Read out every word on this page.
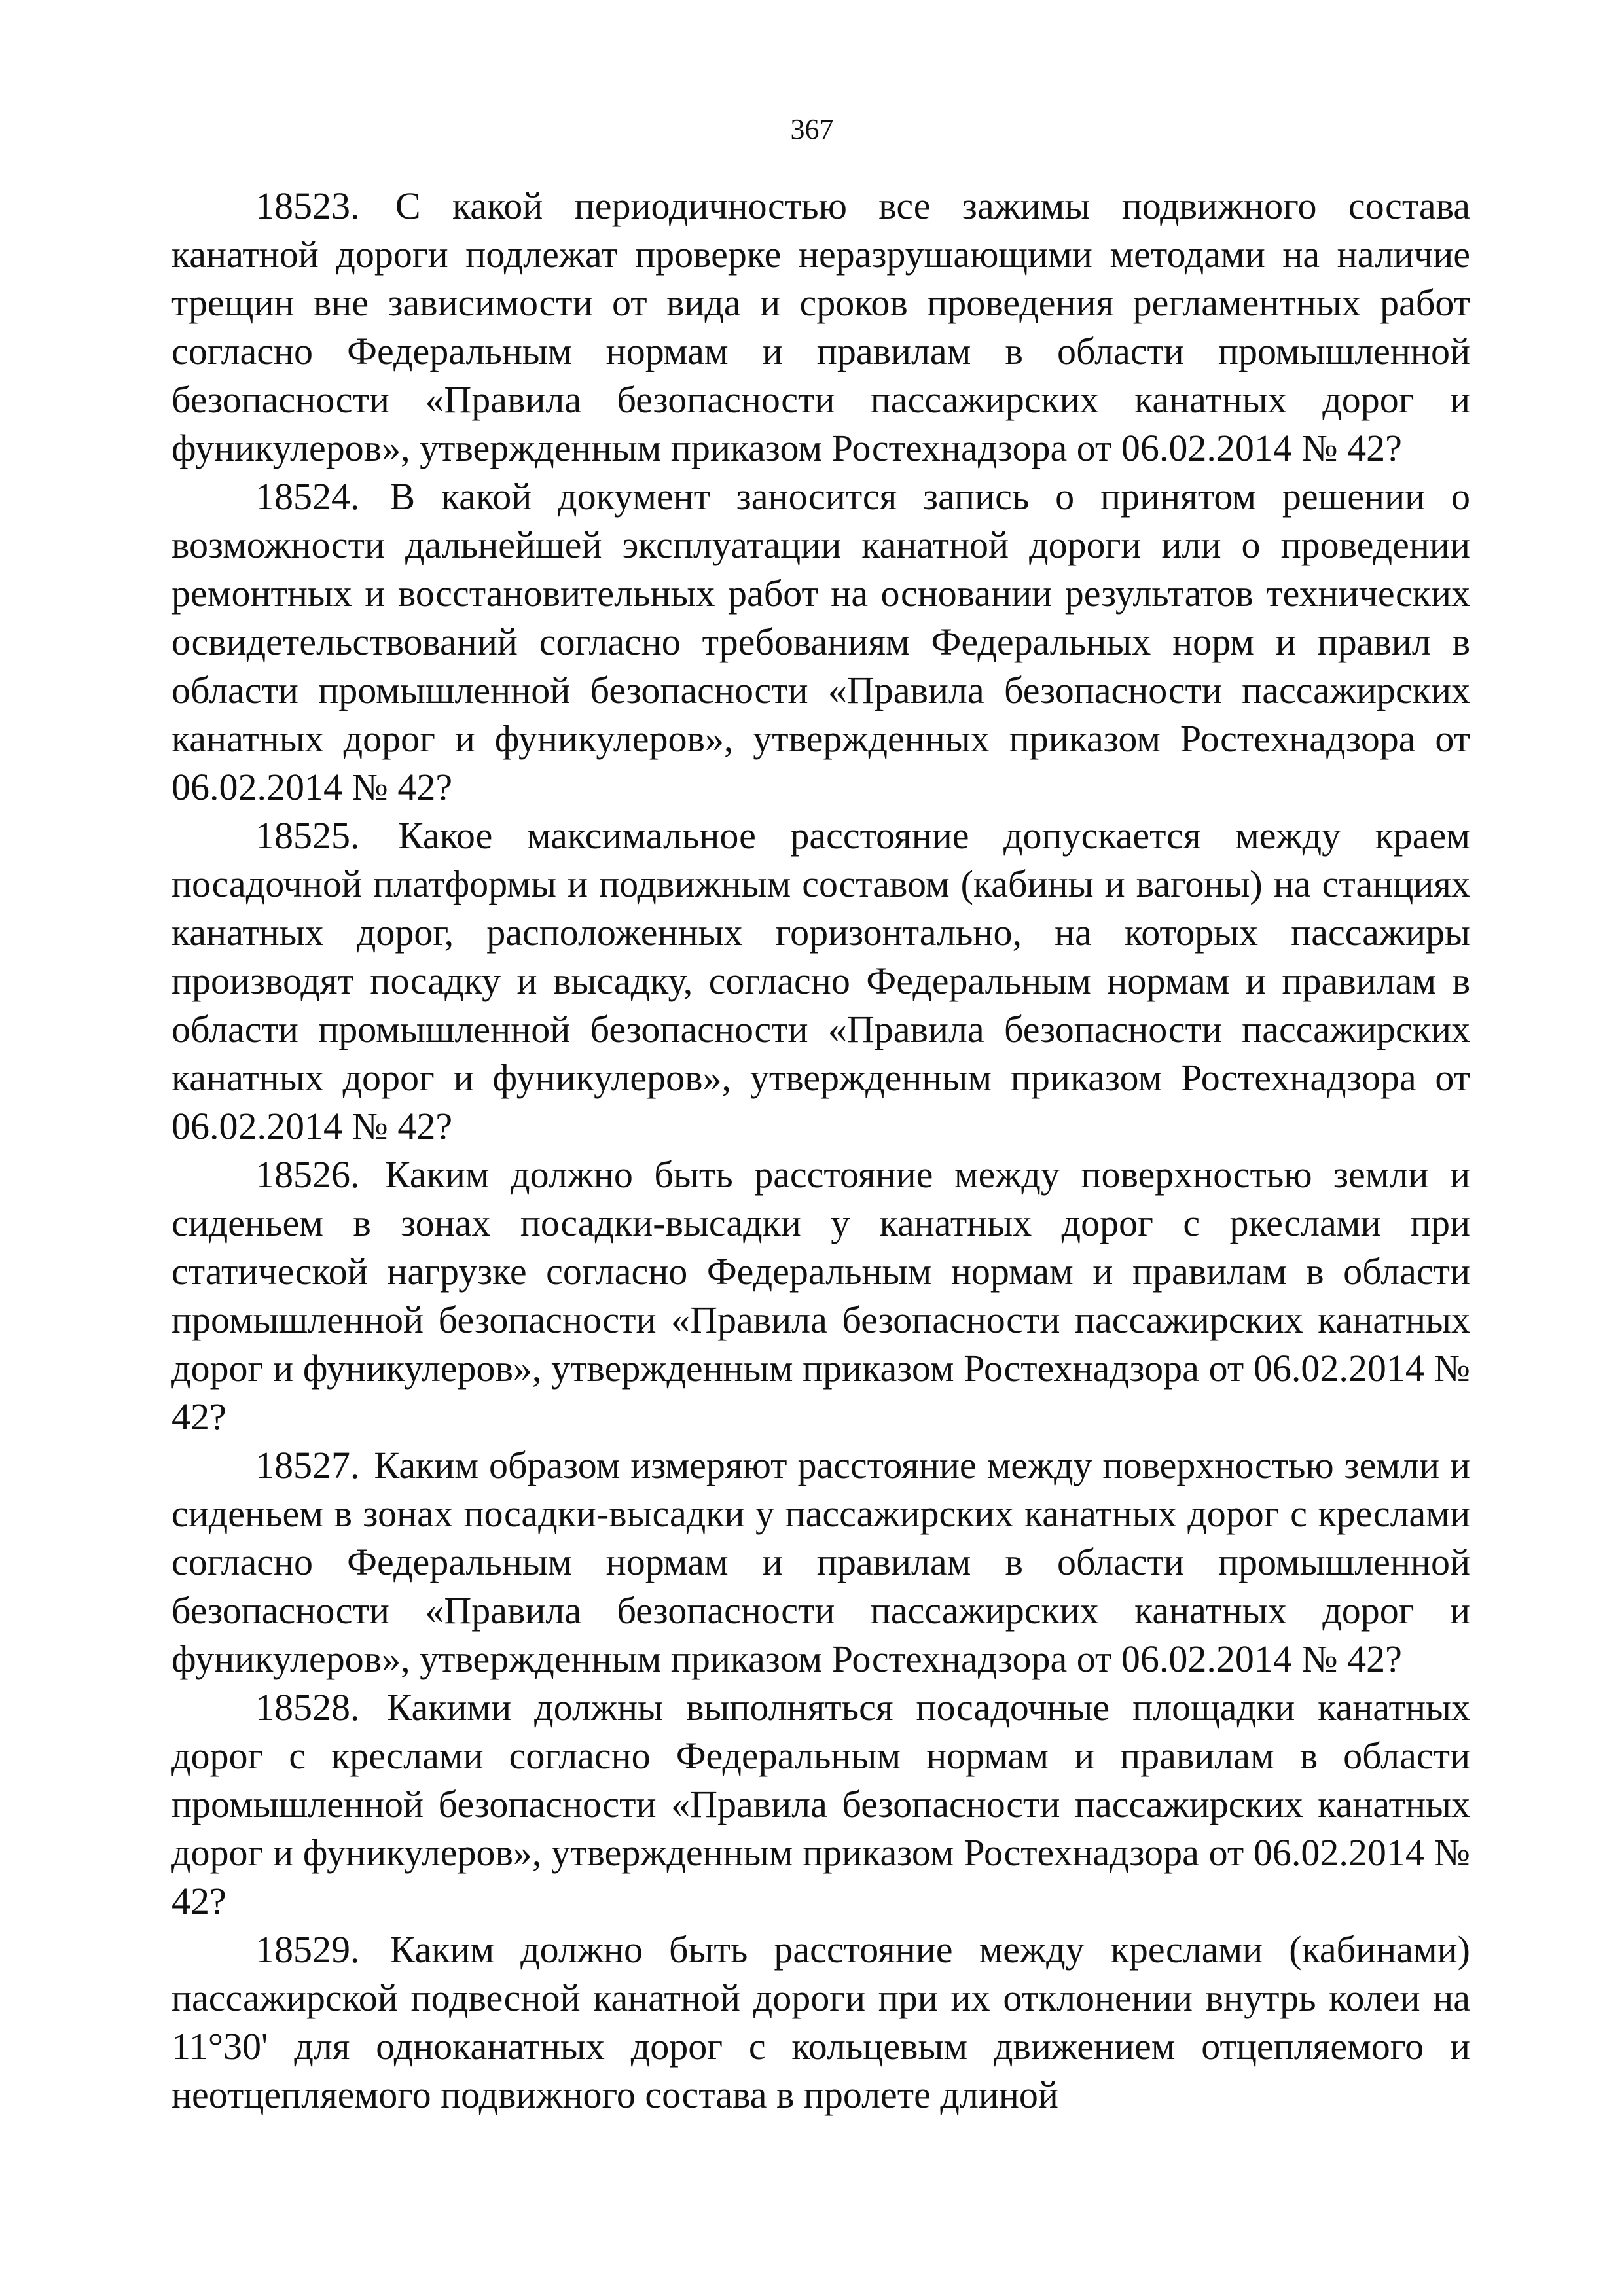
367

18523. С какой периодичностью все зажимы подвижного состава канатной дороги подлежат проверке неразрушающими методами на наличие трещин вне зависимости от вида и сроков проведения регламентных работ согласно Федеральным нормам и правилам в области промышленной безопасности «Правила безопасности пассажирских канатных дорог и фуникулеров», утвержденным приказом Ростехнадзора от 06.02.2014 № 42?

18524. В какой документ заносится запись о принятом решении о возможности дальнейшей эксплуатации канатной дороги или о проведении ремонтных и восстановительных работ на основании результатов технических освидетельствований согласно требованиям Федеральных норм и правил в области промышленной безопасности «Правила безопасности пассажирских канатных дорог и фуникулеров», утвержденных приказом Ростехнадзора от 06.02.2014 № 42?

18525. Какое максимальное расстояние допускается между краем посадочной платформы и подвижным составом (кабины и вагоны) на станциях канатных дорог, расположенных горизонтально, на которых пассажиры производят посадку и высадку, согласно Федеральным нормам и правилам в области промышленной безопасности «Правила безопасности пассажирских канатных дорог и фуникулеров», утвержденным приказом Ростехнадзора от 06.02.2014 № 42?

18526. Каким должно быть расстояние между поверхностью земли и сиденьем в зонах посадки-высадки у канатных дорог с ркеслами при статической нагрузке согласно Федеральным нормам и правилам в области промышленной безопасности «Правила безопасности пассажирских канатных дорог и фуникулеров», утвержденным приказом Ростехнадзора от 06.02.2014 № 42?

18527. Каким образом измеряют расстояние между поверхностью земли и сиденьем в зонах посадки-высадки у пассажирских канатных дорог с креслами согласно Федеральным нормам и правилам в области промышленной безопасности «Правила безопасности пассажирских канатных дорог и фуникулеров», утвержденным приказом Ростехнадзора от 06.02.2014 № 42?

18528. Какими должны выполняться посадочные площадки канатных дорог с креслами согласно Федеральным нормам и правилам в области промышленной безопасности «Правила безопасности пассажирских канатных дорог и фуникулеров», утвержденным приказом Ростехнадзора от 06.02.2014 № 42?

18529. Каким должно быть расстояние между креслами (кабинами) пассажирской подвесной канатной дороги при их отклонении внутрь колеи на 11°30' для одноканатных дорог с кольцевым движением отцепляемого и неотцепляемого подвижного состава в пролете длиной
